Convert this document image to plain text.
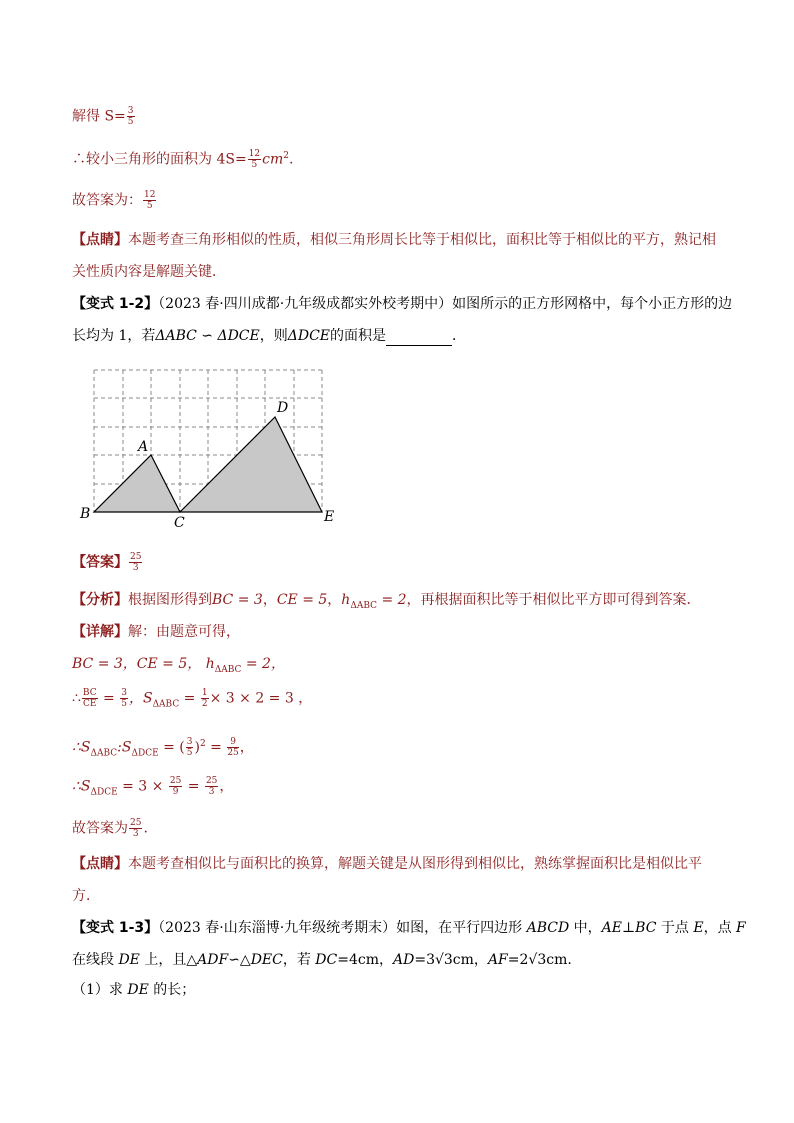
解得 $S= \frac{3}{5}$
∴较小三角形的面积为 $4S= \frac{12}{5} cm^2$.
故答案为： $\frac{12}{5}$
【点睛】本题考查三角形相似的性质，相似三角形周长比等于相似比，面积比等于相似比的平方，熟记相
关性质内容是解题关键．
【变式 1-2】（2023 春·四川成都·九年级成都实外校考期中）如图所示的正方形网格中，每个小正方形的边
长均为 1，若ΔABC ∽ ΔDCE，则ΔDCE的面积是	．
A
B
C
D
E
【答案】 $\frac{25}{3}$
【分析】根据图形得到BC = 3，CE = 5，$h_{\Delta ABC} = 2$，再根据面积比等于相似比平方即可得到答案．
【详解】解：由题意可得，
BC = 3，CE = 5， $h_{\Delta ABC} = 2$，
∴ $\frac{BC}{CE} = \frac{3}{5}$ ，$S_{\Delta ABC} = \frac{1}{2} \times 3 \times 2 = 3$ ，
$\therefore S_{\Delta ABC}:S_{\Delta DCE}$ = ( $\frac{3}{5} )^2 = \frac{9}{25}$ ，
$\therefore S_{\Delta DCE} = 3 \times \frac{25}{9} = \frac{25}{3}$ ，
故答案为 $\frac{25}{3}$ .
【点睛】本题考查相似比与面积比的换算，解题关键是从图形得到相似比，熟练掌握面积比是相似比平
方．
【变式 1-3】（2023 春·山东淄博·九年级统考期末）如图，在平行四边形 ABCD 中，AE⊥BC 于点 E，点 F
在线段 DE 上，且△ADF∽△DEC，若 DC=4cm，AD=3√3cm，AF=2√3cm.
（1）求 DE 的长；
